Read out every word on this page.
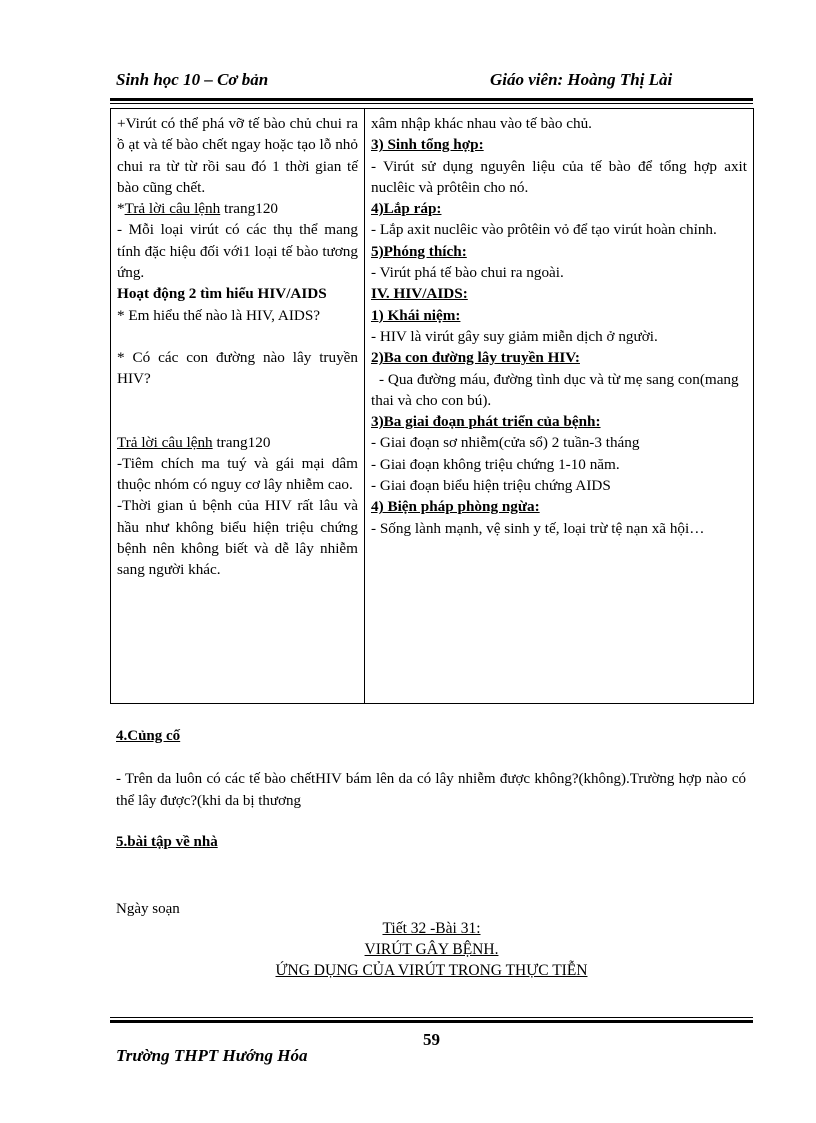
Sinh học 10 – Cơ bản	Giáo viên: Hoàng Thị Lài
+Virút có thể phá vỡ tế bào chủ chui ra ồ ạt và tế bào chết ngay hoặc tạo lỗ nhỏ chui ra từ từ rồi sau đó 1 thời gian tế bào cũng chết.
*Trả lời câu lệnh trang120
- Mỗi loại virút có các thụ thể mang tính đặc hiệu đối với1 loại tế bào tương ứng.
Hoạt động 2 tìm hiểu HIV/AIDS
* Em hiểu thế nào là HIV, AIDS?
* Có các con đường nào lây truyền HIV?
Trả lời câu lệnh trang120
-Tiêm chích ma tuý và gái mại dâm thuộc nhóm có nguy cơ lây nhiễm cao.
-Thời gian ủ bệnh của HIV rất lâu và hầu như không biểu hiện triệu chứng bệnh nên không biết và dễ lây nhiễm sang người khác.

xâm nhập khác nhau vào tế bào chủ.
3) Sinh tổng hợp:
- Virút sử dụng nguyên liệu của tế bào để tổng hợp axit nuclêic và prôtêin cho nó.
4)Lắp ráp:
- Lắp axit nuclêic vào prôtêin vỏ để tạo virút hoàn chỉnh.
5)Phóng thích:
- Virút phá tế bào chui ra ngoài.
IV. HIV/AIDS:
1) Khái niệm:
- HIV là virút gây suy giảm miễn dịch ở người.
2)Ba con đường lây truyền HIV:
- Qua đường máu, đường tình dục và từ mẹ sang con(mang thai và cho con bú).
3)Ba giai đoạn phát triển của bệnh:
- Giai đoạn sơ nhiễm(cửa sổ) 2 tuần-3 tháng
- Giai đoạn không triệu chứng 1-10 năm.
- Giai đoạn biểu hiện triệu chứng AIDS
4) Biện pháp phòng ngừa:
- Sống lành mạnh, vệ sinh y tế, loại trừ tệ nạn xã hội…
4.Củng cố
- Trên da luôn có các tế bào chếtHIV bám lên da có lây nhiễm được không?(không).Trường hợp nào có thể lây được?(khi da bị thương
5.bài tập về nhà
Ngày soạn
Tiết 32 -Bài 31:
VIRÚT GÂY BỆNH.
ỨNG DỤNG CỦA VIRÚT TRONG THỰC TIỄN
59
Trường THPT Hướng Hóa
